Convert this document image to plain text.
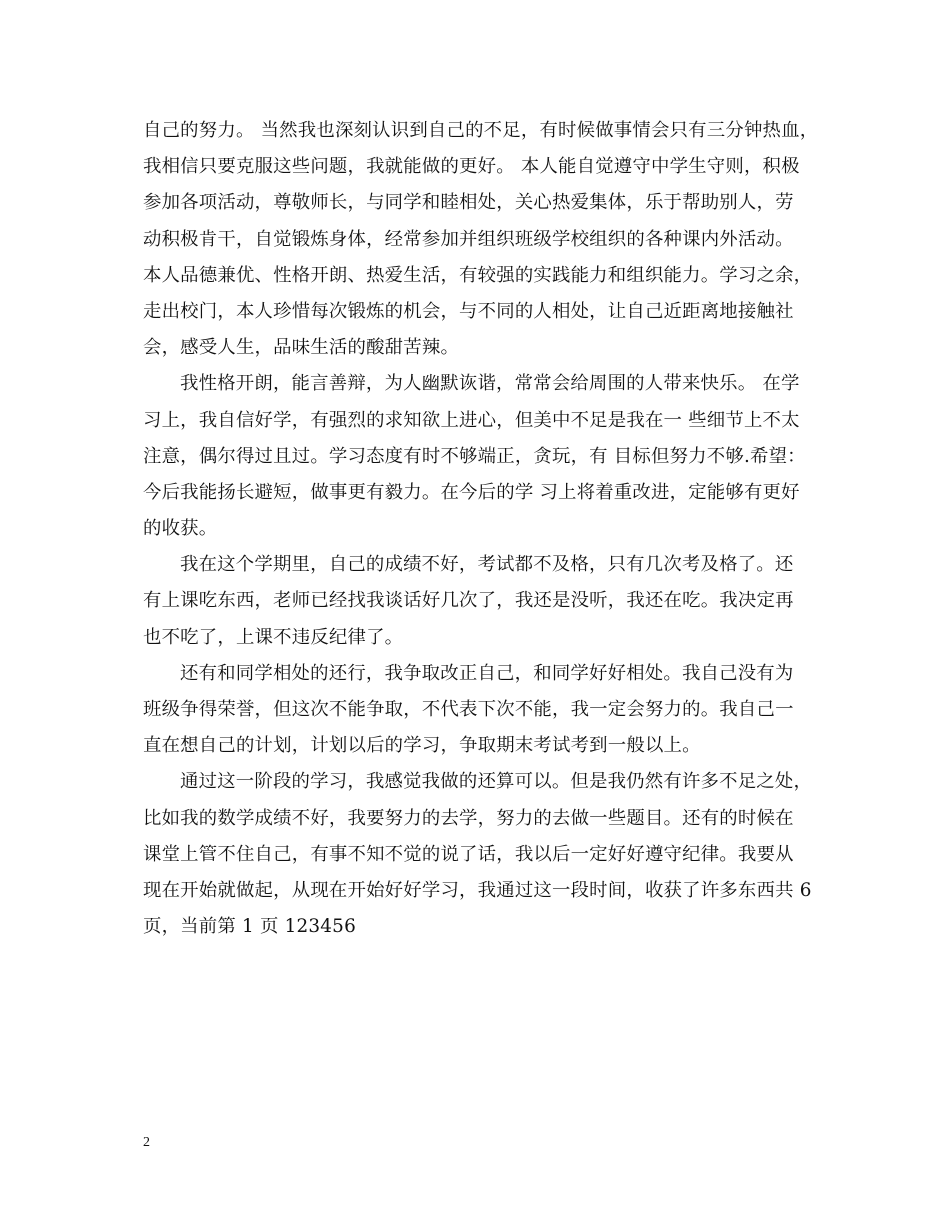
自己的努力。 当然我也深刻认识到自己的不足，有时候做事情会只有三分钟热血，
我相信只要克服这些问题，我就能做的更好。 本人能自觉遵守中学生守则，积极
参加各项活动，尊敬师长，与同学和睦相处，关心热爱集体，乐于帮助别人，劳
动积极肯干，自觉锻炼身体，经常参加并组织班级学校组织的各种课内外活动。
本人品德兼优、性格开朗、热爱生活，有较强的实践能力和组织能力。学习之余，
走出校门，本人珍惜每次锻炼的机会，与不同的人相处，让自己近距离地接触社
会，感受人生，品味生活的酸甜苦辣。
我性格开朗，能言善辩，为人幽默诙谐，常常会给周围的人带来快乐。 在学
习上，我自信好学，有强烈的求知欲上进心，但美中不足是我在一 些细节上不太
注意，偶尔得过且过。学习态度有时不够端正，贪玩，有 目标但努力不够.希望：
今后我能扬长避短，做事更有毅力。在今后的学 习上将着重改进，定能够有更好
的收获。
我在这个学期里，自己的成绩不好，考试都不及格，只有几次考及格了。还
有上课吃东西，老师已经找我谈话好几次了，我还是没听，我还在吃。我决定再
也不吃了，上课不违反纪律了。
还有和同学相处的还行，我争取改正自己，和同学好好相处。我自己没有为
班级争得荣誉，但这次不能争取，不代表下次不能，我一定会努力的。我自己一
直在想自己的计划，计划以后的学习，争取期末考试考到一般以上。
通过这一阶段的学习，我感觉我做的还算可以。但是我仍然有许多不足之处，
比如我的数学成绩不好，我要努力的去学，努力的去做一些题目。还有的时候在
课堂上管不住自己，有事不知不觉的说了话，我以后一定好好遵守纪律。我要从
现在开始就做起，从现在开始好好学习，我通过这一段时间，收获了许多东西共 6
页，当前第 1 页 123456
2
